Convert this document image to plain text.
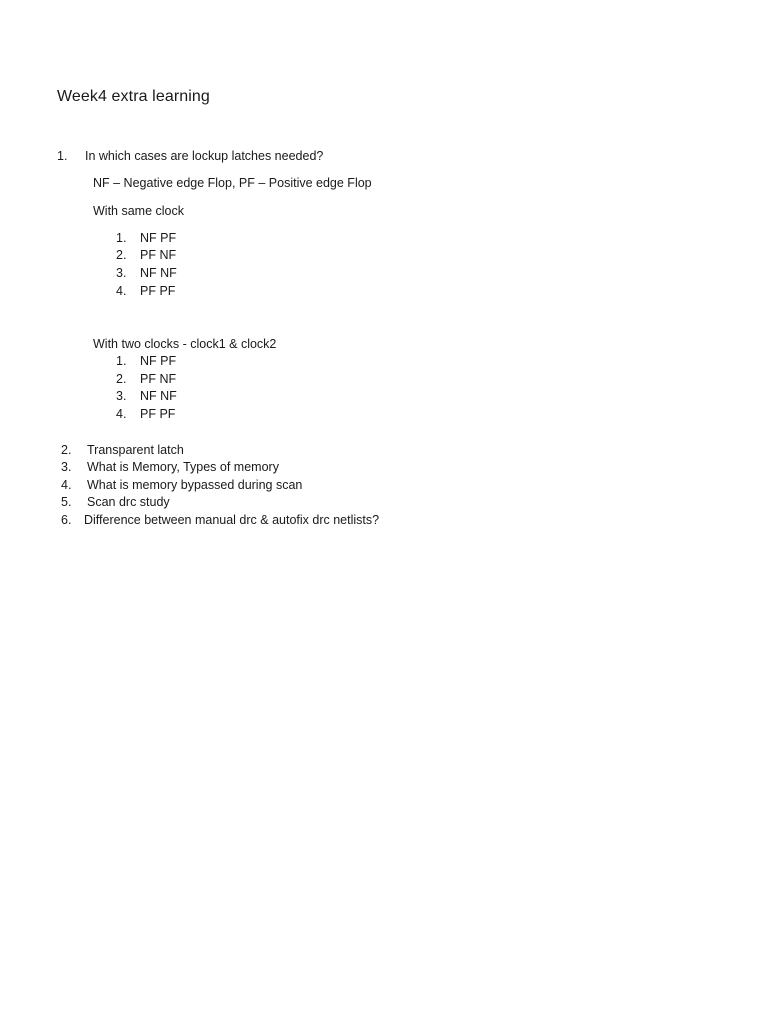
Week4 extra learning
1. In which cases are lockup latches needed?
NF – Negative edge Flop, PF – Positive edge Flop
With same clock
1. NF PF
2. PF NF
3. NF NF
4. PF PF
With two clocks - clock1 & clock2
1. NF PF
2. PF NF
3. NF NF
4. PF PF
2. Transparent latch
3. What is Memory, Types of memory
4. What is memory bypassed during scan
5. Scan drc study
6. Difference between manual drc & autofix drc netlists?
